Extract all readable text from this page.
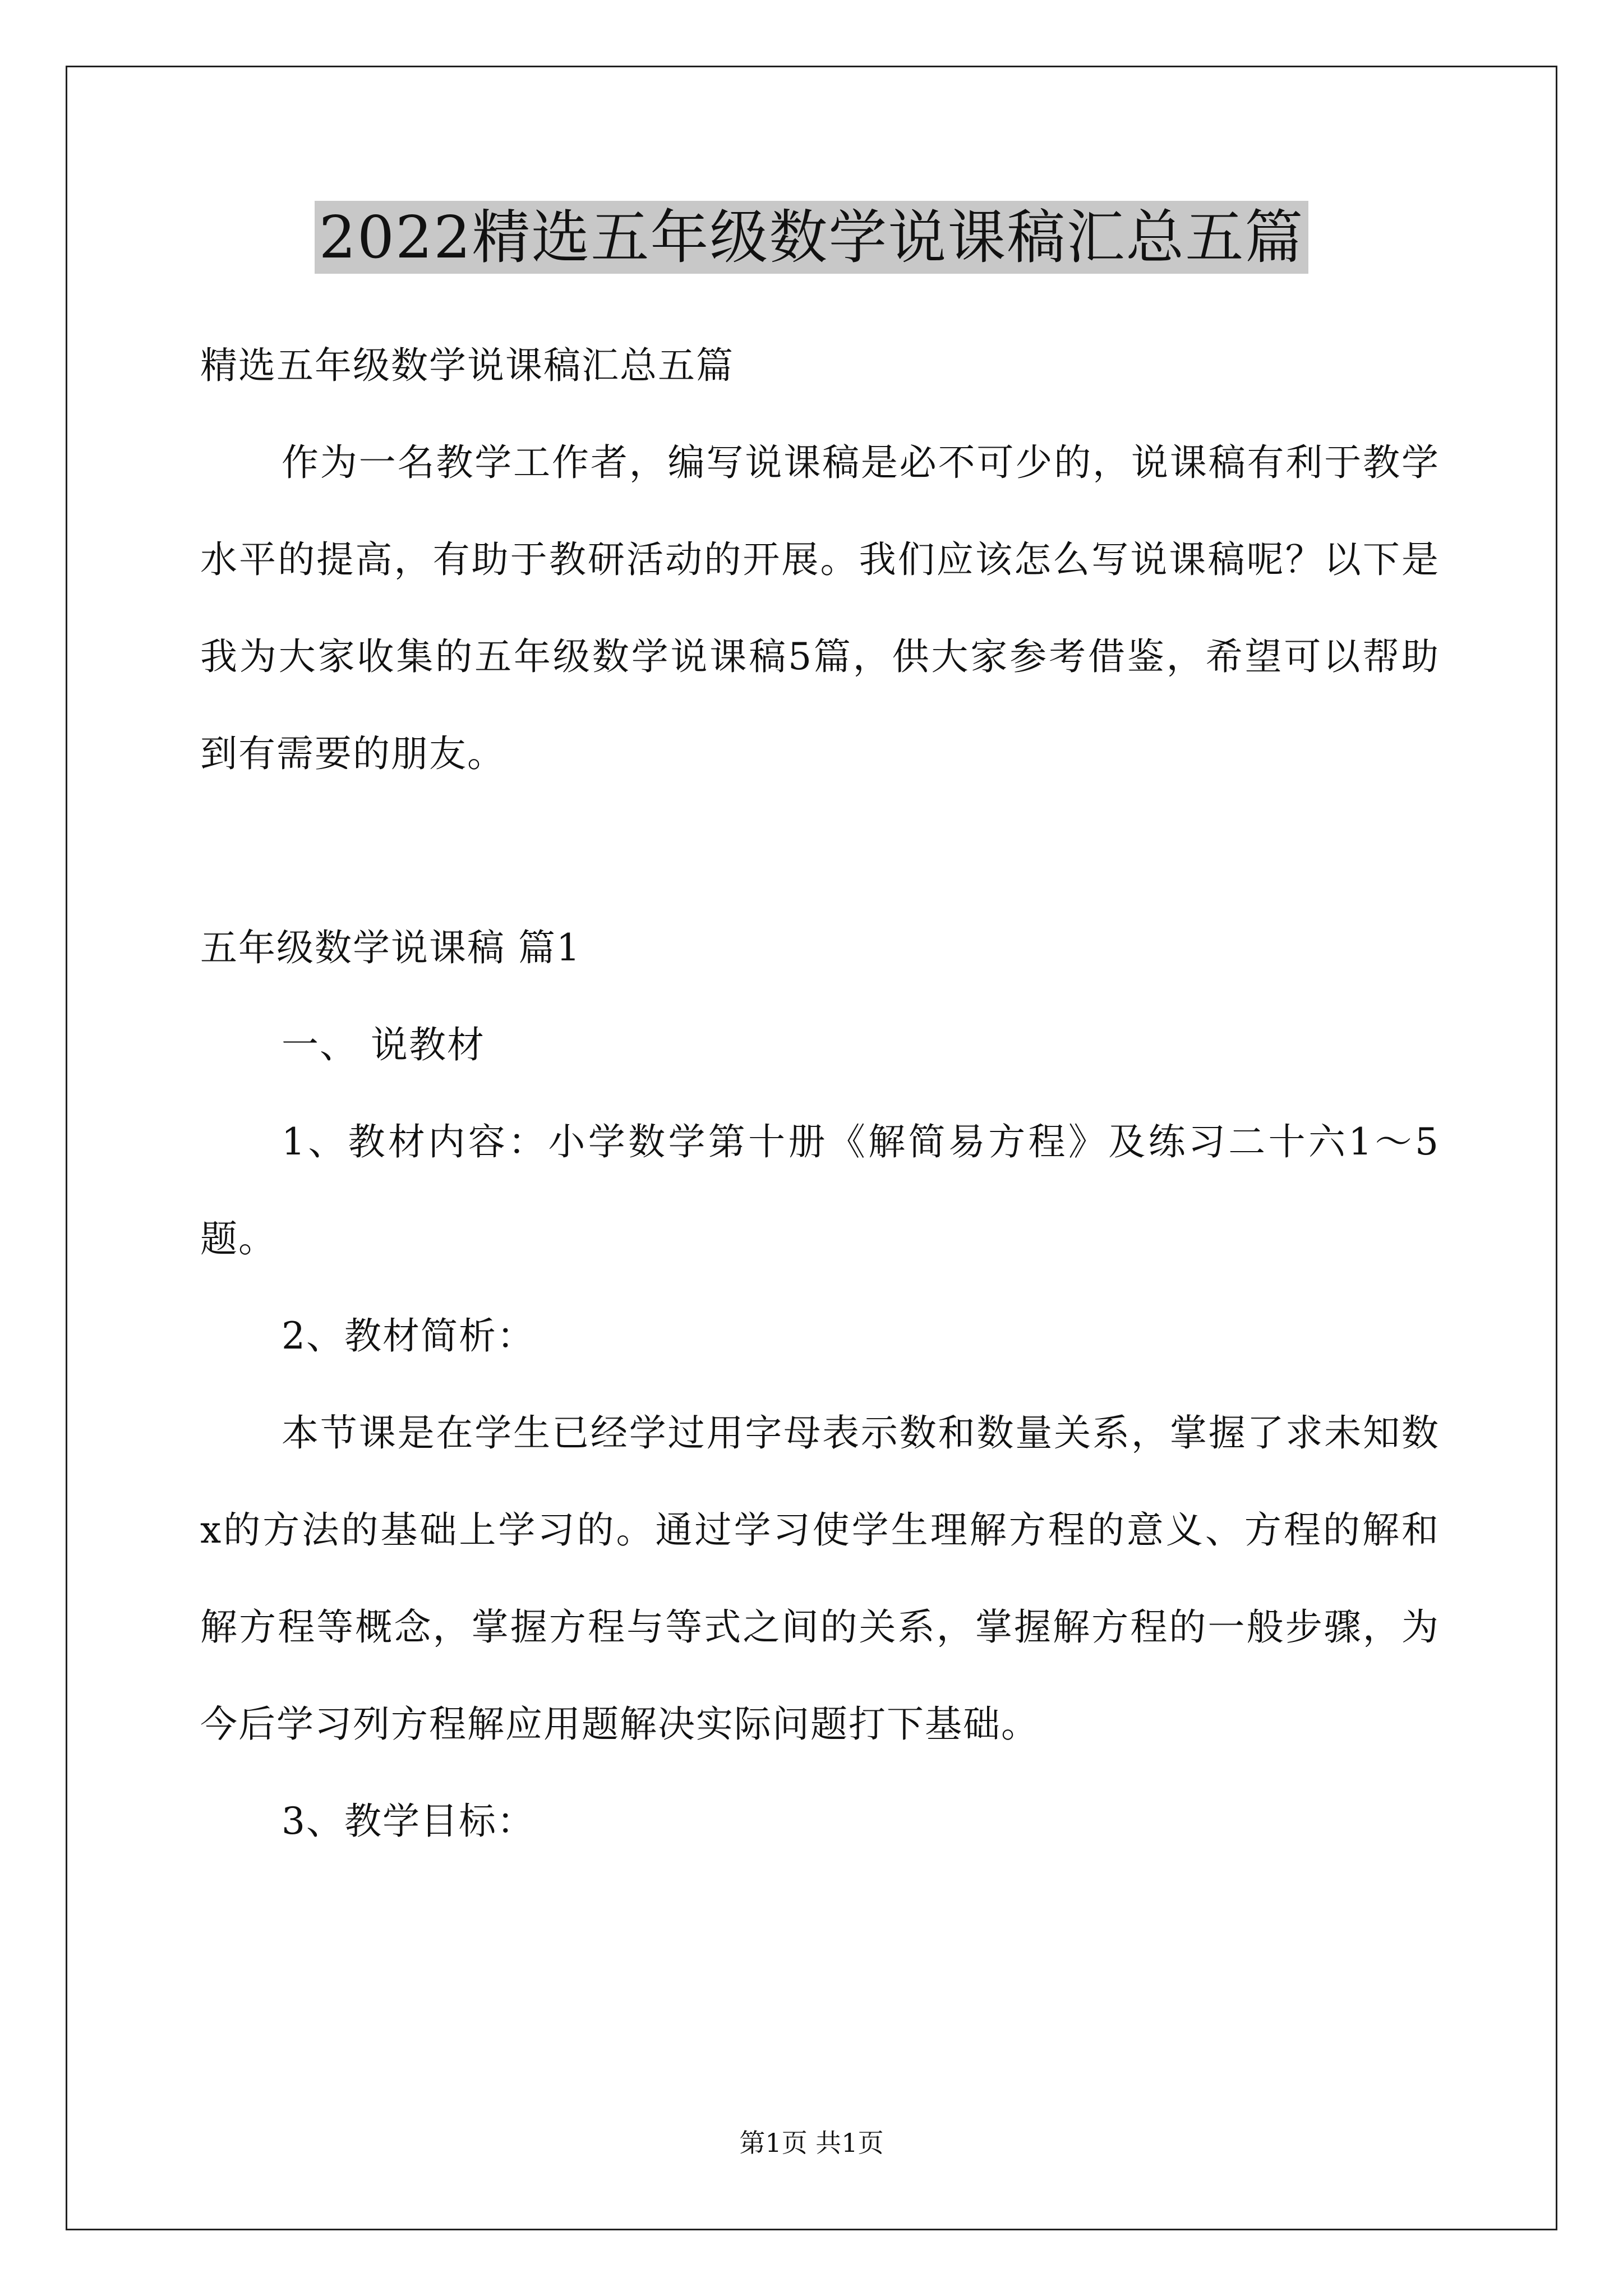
2022精选五年级数学说课稿汇总五篇

精选五年级数学说课稿汇总五篇

作为一名教学工作者，编写说课稿是必不可少的，说课稿有利于教学水平的提高，有助于教研活动的开展。我们应该怎么写说课稿呢？以下是我为大家收集的五年级数学说课稿5篇，供大家参考借鉴，希望可以帮助到有需要的朋友。

五年级数学说课稿 篇1

一、 说教材

1、教材内容：小学数学第十册《解简易方程》及练习二十六1～5题。

2、教材简析：

本节课是在学生已经学过用字母表示数和数量关系，掌握了求未知数x的方法的基础上学习的。通过学习使学生理解方程的意义、方程的解和解方程等概念，掌握方程与等式之间的关系，掌握解方程的一般步骤，为今后学习列方程解应用题解决实际问题打下基础。

3、教学目标：

第1页 共1页
